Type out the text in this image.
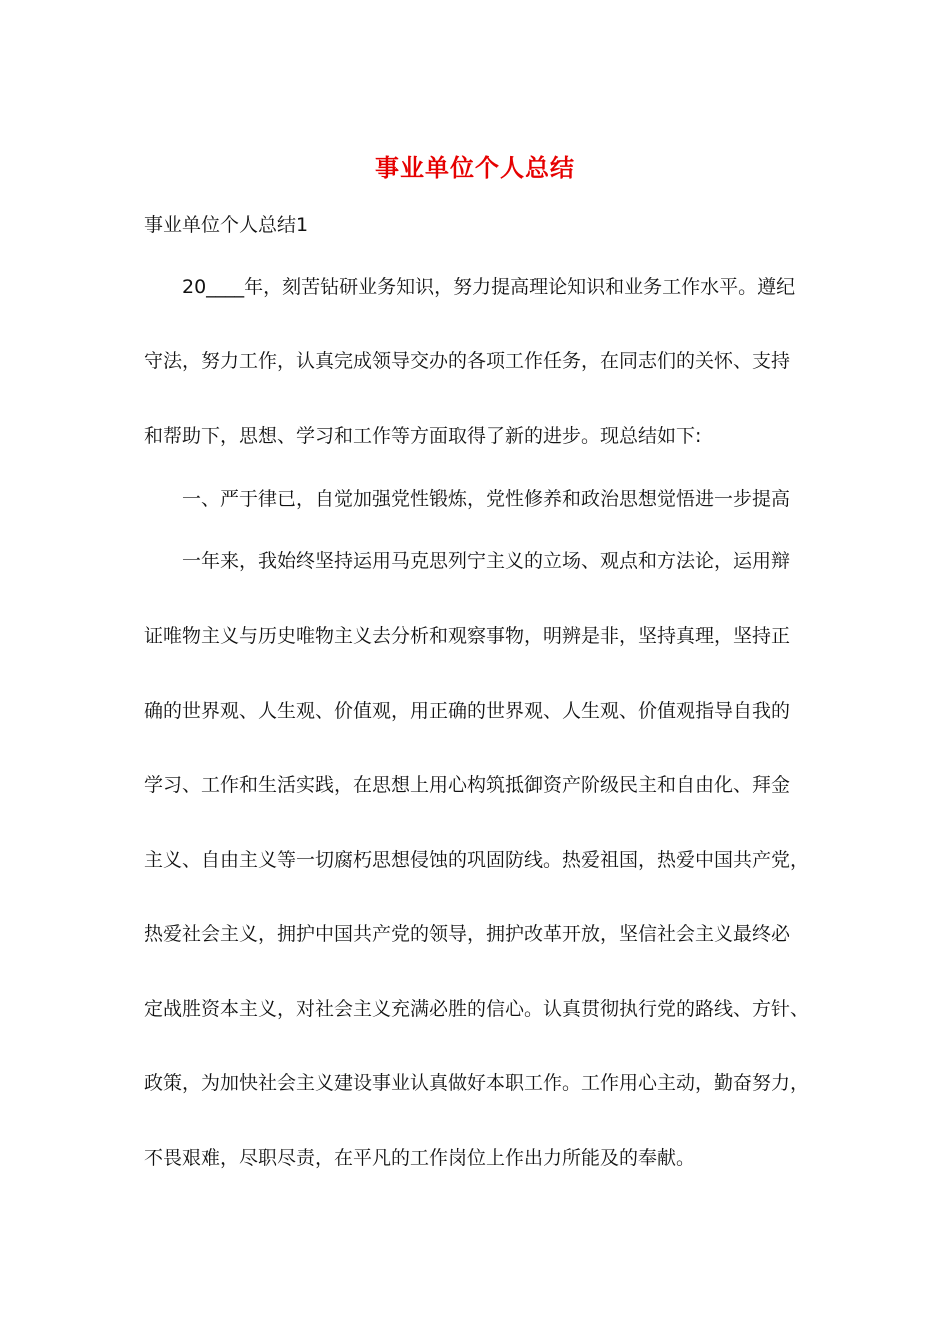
事业单位个人总结
事业单位个人总结1
20____年，刻苦钻研业务知识，努力提高理论知识和业务工作水平。遵纪
守法，努力工作，认真完成领导交办的各项工作任务，在同志们的关怀、支持
和帮助下，思想、学习和工作等方面取得了新的进步。现总结如下:
一、严于律已，自觉加强党性锻炼，党性修养和政治思想觉悟进一步提高
一年来，我始终坚持运用马克思列宁主义的立场、观点和方法论，运用辩
证唯物主义与历史唯物主义去分析和观察事物，明辨是非，坚持真理，坚持正
确的世界观、人生观、价值观，用正确的世界观、人生观、价值观指导自我的
学习、工作和生活实践，在思想上用心构筑抵御资产阶级民主和自由化、拜金
主义、自由主义等一切腐朽思想侵蚀的巩固防线。热爱祖国，热爱中国共产党，
热爱社会主义，拥护中国共产党的领导，拥护改革开放，坚信社会主义最终必
定战胜资本主义，对社会主义充满必胜的信心。认真贯彻执行党的路线、方针、
政策，为加快社会主义建设事业认真做好本职工作。工作用心主动，勤奋努力，
不畏艰难，尽职尽责，在平凡的工作岗位上作出力所能及的奉献。
